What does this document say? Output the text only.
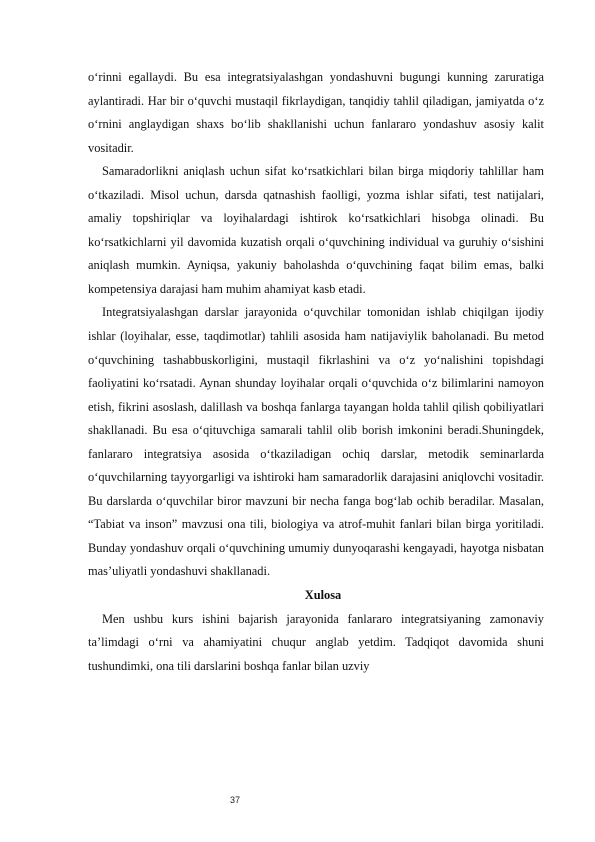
o‘rinni egallaydi. Bu esa integratsiyalashgan yondashuvni bugungi kunning zaruratiga aylantiradi. Har bir o‘quvchi mustaqil fikrlaydigan, tanqidiy tahlil qiladigan, jamiyatda o‘z o‘rnini anglaydigan shaxs bo‘lib shakllanishi uchun fanlararo yondashuv asosiy kalit vositadir.

Samaradorlikni aniqlash uchun sifat ko‘rsatkichlari bilan birga miqdoriy tahlillar ham o‘tkaziladi. Misol uchun, darsda qatnashish faolligi, yozma ishlar sifati, test natijalari, amaliy topshiriqlar va loyihalardagi ishtirok ko‘rsatkichlari hisobga olinadi. Bu ko‘rsatkichlarni yil davomida kuzatish orqali o‘quvchining individual va guruhiy o‘sishini aniqlash mumkin. Ayniqsa, yakuniy baholashda o‘quvchining faqat bilim emas, balki kompetensiya darajasi ham muhim ahamiyat kasb etadi.

Integratsiyalashgan darslar jarayonida o‘quvchilar tomonidan ishlab chiqilgan ijodiy ishlar (loyihalar, esse, taqdimotlar) tahlili asosida ham natijaviylik baholanadi. Bu metod o‘quvchining tashabbuskorligini, mustaqil fikrlashini va o‘z yo‘nalishini topishdagi faoliyatini ko‘rsatadi. Aynan shunday loyihalar orqali o‘quvchida o‘z bilimlarini namoyon etish, fikrini asoslash, dalillash va boshqa fanlarga tayangan holda tahlil qilish qobiliyatlari shakllanadi. Bu esa o‘qituvchiga samarali tahlil olib borish imkonini beradi.Shuningdek, fanlararo integratsiya asosida o‘tkaziladigan ochiq darslar, metodik seminarlarda o‘quvchilarning tayyorgarligi va ishtiroki ham samaradorlik darajasini aniqlovchi vositadir. Bu darslarda o‘quvchilar biror mavzuni bir necha fanga bog‘lab ochib beradilar. Masalan, “Tabiat va inson” mavzusi ona tili, biologiya va atrof-muhit fanlari bilan birga yoritiladi. Bunday yondashuv orqali o‘quvchining umumiy dunyoqarashi kengayadi, hayotga nisbatan mas’uliyatli yondashuvi shakllanadi.

Xulosa

Men ushbu kurs ishini bajarish jarayonida fanlararo integratsiyaning zamonaviy ta’limdagi o‘rni va ahamiyatini chuqur anglab yetdim. Tadqiqot davomida shuni tushundimki, ona tili darslarini boshqa fanlar bilan uzviy

37
